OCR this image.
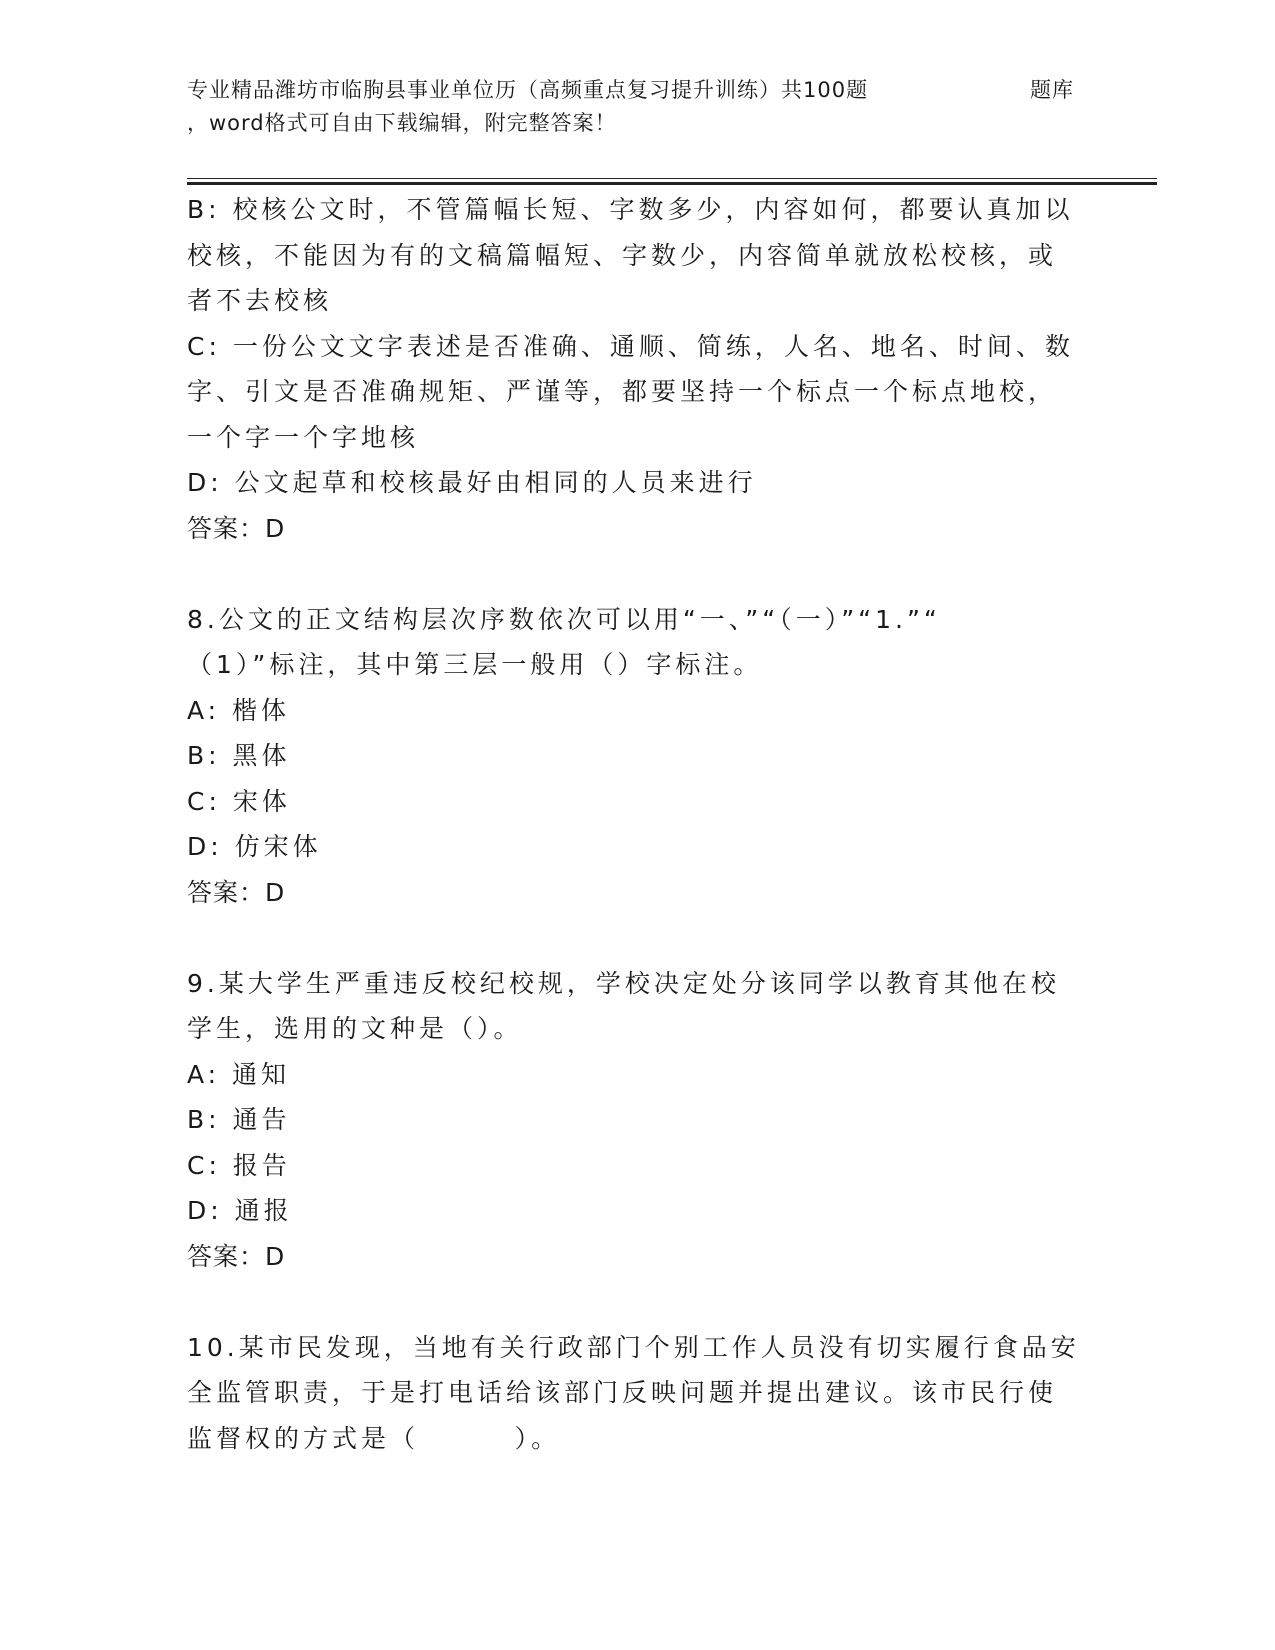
专业精品潍坊市临朐县事业单位历（高频重点复习提升训练）共100题	题库
，word格式可自由下载编辑，附完整答案！
B: 校核公文时，不管篇幅长短、字数多少，内容如何，都要认真加以
校核，不能因为有的文稿篇幅短、字数少，内容简单就放松校核，或
者不去校核
C: 一份公文文字表述是否准确、通顺、简练，人名、地名、时间、数
字、引文是否准确规矩、严谨等，都要坚持一个标点一个标点地校，
一个字一个字地核
D: 公文起草和校核最好由相同的人员来进行
答案：D
8.公文的正文结构层次序数依次可以用“一、”“（一）”“1.”“
（1）”标注，其中第三层一般用（）字标注。
A: 楷体
B: 黑体
C: 宋体
D: 仿宋体
答案：D
9.某大学生严重违反校纪校规，学校决定处分该同学以教育其他在校
学生，选用的文种是（）。
A: 通知
B: 通告
C: 报告
D: 通报
答案：D
10.某市民发现，当地有关行政部门个别工作人员没有切实履行食品安
全监管职责，于是打电话给该部门反映问题并提出建议。该市民行使
监督权的方式是（        ）。
